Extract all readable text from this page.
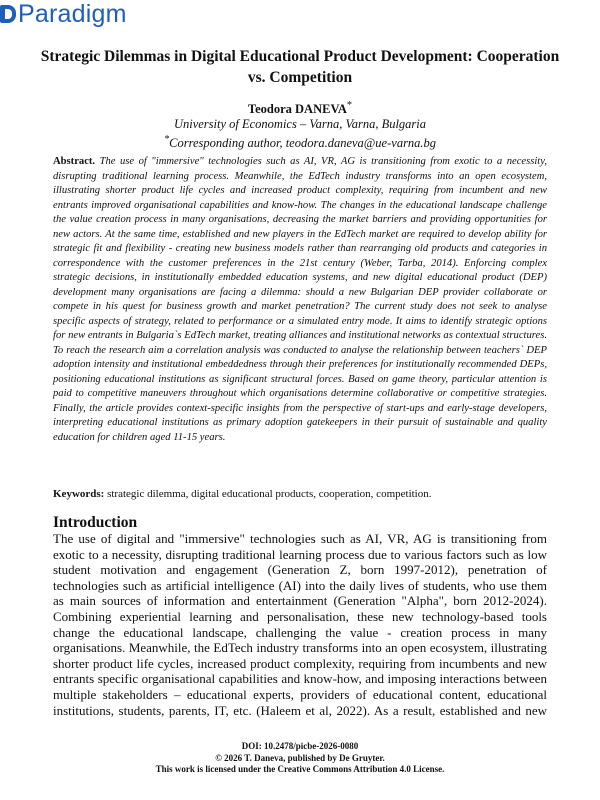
Paradigm
Strategic Dilemmas in Digital Educational Product Development: Cooperation vs. Competition
Teodora DANEVA*
University of Economics – Varna, Varna, Bulgaria
*Corresponding author, teodora.daneva@ue-varna.bg
Abstract. The use of "immersive" technologies such as AI, VR, AG is transitioning from exotic to a necessity, disrupting traditional learning process. Meanwhile, the EdTech industry transforms into an open ecosystem, illustrating shorter product life cycles and increased product complexity, requiring from incumbent and new entrants improved organisational capabilities and know-how. The changes in the educational landscape challenge the value creation process in many organisations, decreasing the market barriers and providing opportunities for new actors. At the same time, established and new players in the EdTech market are required to develop ability for strategic fit and flexibility - creating new business models rather than rearranging old products and categories in correspondence with the customer preferences in the 21st century (Weber, Tarba, 2014). Enforcing complex strategic decisions, in institutionally embedded education systems, and new digital educational product (DEP) development many organisations are facing a dilemma: should a new Bulgarian DEP provider collaborate or compete in his quest for business growth and market penetration? The current study does not seek to analyse specific aspects of strategy, related to performance or a simulated entry mode. It aims to identify strategic options for new entrants in Bulgaria`s EdTech market, treating alliances and institutional networks as contextual structures. To reach the research aim a correlation analysis was conducted to analyse the relationship between teachers` DEP adoption intensity and institutional embeddedness through their preferences for institutionally recommended DEPs, positioning educational institutions as significant structural forces. Based on game theory, particular attention is paid to competitive maneuvers throughout which organisations determine collaborative or competitive strategies. Finally, the article provides context-specific insights from the perspective of start-ups and early-stage developers, interpreting educational institutions as primary adoption gatekeepers in their pursuit of sustainable and quality education for children aged 11-15 years.
Keywords: strategic dilemma, digital educational products, cooperation, competition.
Introduction
The use of digital and "immersive" technologies such as AI, VR, AG is transitioning from exotic to a necessity, disrupting traditional learning process due to various factors such as low student motivation and engagement (Generation Z, born 1997-2012), penetration of technologies such as artificial intelligence (AI) into the daily lives of students, who use them as main sources of information and entertainment (Generation "Alpha", born 2012-2024). Combining experiential learning and personalisation, these new technology-based tools change the educational landscape, challenging the value - creation process in many organisations. Meanwhile, the EdTech industry transforms into an open ecosystem, illustrating shorter product life cycles, increased product complexity, requiring from incumbents and new entrants specific organisational capabilities and know-how, and imposing interactions between multiple stakeholders – educational experts, providers of educational content, educational institutions, students, parents, IT, etc. (Haleem et al, 2022). As a result, established and new
DOI: 10.2478/picbe-2026-0080
© 2026 T. Daneva, published by De Gruyter.
This work is licensed under the Creative Commons Attribution 4.0 License.
